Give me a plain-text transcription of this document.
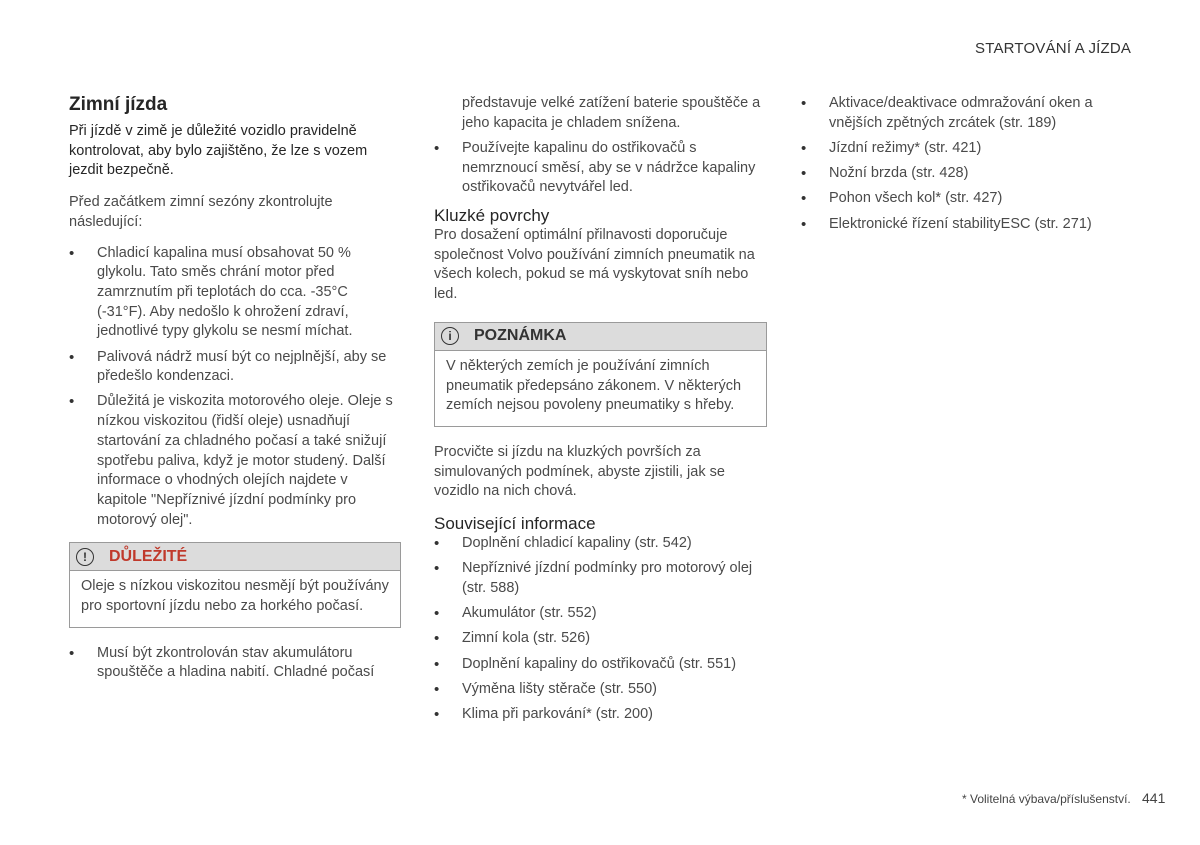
STARTOVÁNÍ A JÍZDA
Zimní jízda

Při jízdě v zimě je důležité vozidlo pravidelně kontrolovat, aby bylo zajištěno, že lze s vozem jezdit bezpečně.

Před začátkem zimní sezóny zkontrolujte následující:

• Chladicí kapalina musí obsahovat 50 % glykolu. Tato směs chrání motor před zamrznutím při teplotách do cca. -35°C (-31°F). Aby nedošlo k ohrožení zdraví, jednotlivé typy glykolu se nesmí míchat.
• Palivová nádrž musí být co nejplnější, aby se předešlo kondenzaci.
• Důležitá je viskozita motorového oleje. Oleje s nízkou viskozitou (řidší oleje) usnadňují startování za chladného počasí a také snižují spotřebu paliva, když je motor studený. Další informace o vhodných olejích najdete v kapitole "Nepříznivé jízdní podmínky pro motorový olej".
!	DŮLEŽITÉ
Oleje s nízkou viskozitou nesmějí být používány pro sportovní jízdu nebo za horkého počasí.
• Musí být zkontrolován stav akumulátoru spouštěče a hladina nabití. Chladné počasí
představuje velké zatížení baterie spouštěče a jeho kapacita je chladem snížena.
• Používejte kapalinu do ostřikovačů s nemrznoucí směsí, aby se v nádržce kapaliny ostřikovačů nevytvářel led.
Kluzké povrchy

Pro dosažení optimální přilnavosti doporučuje společnost Volvo používání zimních pneumatik na všech kolech, pokud se má vyskytovat sníh nebo led.

i	POZNÁMKA
V některých zemích je používání zimních pneumatik předepsáno zákonem. V některých zemích nejsou povoleny pneumatiky s hřeby.

Procvičte si jízdu na kluzkých površích za simulovaných podmínek, abyste zjistili, jak se vozidlo na nich chová.

Související informace
• Doplnění chladicí kapaliny (str. 542)
• Nepříznivé jízdní podmínky pro motorový olej (str. 588)
• Akumulátor (str. 552)
• Zimní kola (str. 526)
• Doplnění kapaliny do ostřikovačů (str. 551)
• Výměna lišty stěrače (str. 550)
• Klima při parkování* (str. 200)
• Aktivace/deaktivace odmražování oken a vnějších zpětných zrcátek (str. 189)
• Jízdní režimy* (str. 421)
• Nožní brzda (str. 428)
• Pohon všech kol* (str. 427)
• Elektronické řízení stabilityESC (str. 271)
* Volitelná výbava/příslušenství. 441
